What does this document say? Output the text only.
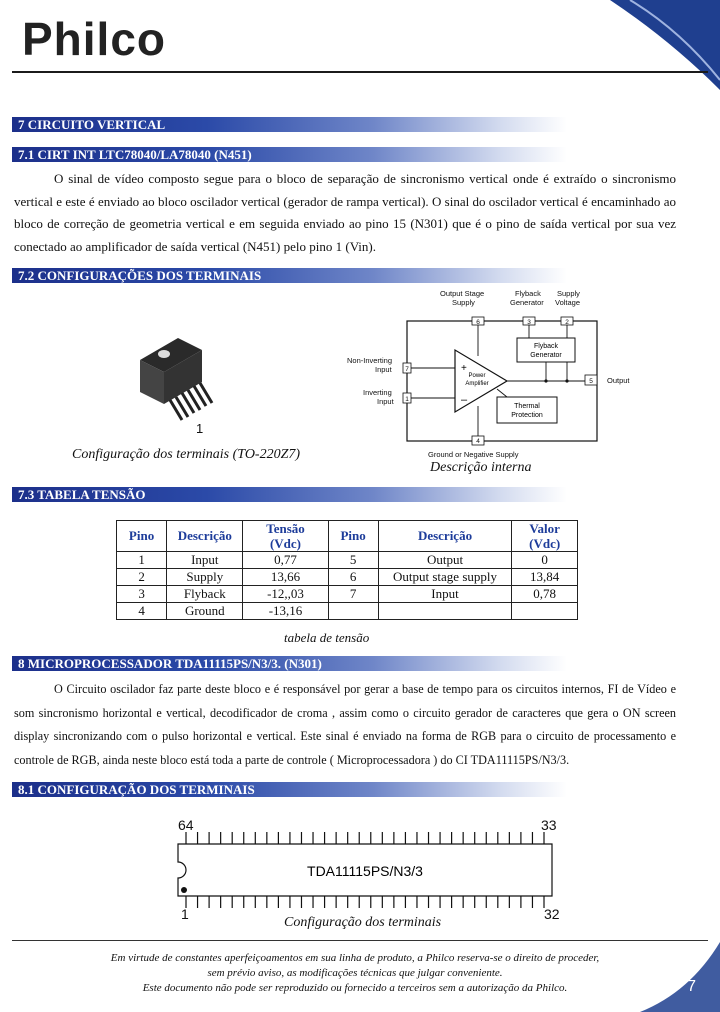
Philco
7 CIRCUITO VERTICAL
7.1 CIRT INT LTC78040/LA78040 (N451)

O sinal de vídeo composto segue para o bloco de separação de sincronismo vertical onde é extraído o sincronismo vertical e este é enviado ao bloco oscilador vertical (gerador de rampa vertical). O sinal do oscilador vertical é encaminhado ao bloco de correção de geometria vertical e em seguida enviado ao pino 15 (N301) que é o pino de saída vertical por sua vez conectado ao amplificador de saída vertical (N451) pelo pino 1 (Vin).

7.2 CONFIGURAÇÕES DOS TERMINAIS
1
Configuração dos terminais (TO-220Z7)
Output Stage
Supply
Flyback
Generator
Supply
Voltage
Non-Inverting
Input
Inverting
Input
Output
Ground or Negative Supply
6	3	2
7
1
5
4
Flyback
Generator
Thermal
Protection
+
–
Power
Amplifier
Descrição interna
7.3 TABELA TENSÃO
Pino	Descrição	Tensão
(Vdc)	Pino	Descrição	Valor
(Vdc)
1	Input	0,77	5	Output	0
2	Supply	13,66	6	Output stage supply	13,84
3	Flyback	-12,,03	7	Input	0,78
4	Ground	-13,16			
tabela de tensão
8 MICROPROCESSADOR TDA11115PS/N3/3. (N301)

O Circuito oscilador faz parte deste bloco e é responsável por gerar a base de tempo para os circuitos internos, FI de Vídeo e som sincronismo horizontal e vertical, decodificador de croma , assim como o circuito gerador de caracteres que gera o ON screen display sincronizando com o pulso horizontal e vertical. Este sinal é enviado na forma de RGB para o circuito de processamento e controle de RGB, ainda neste bloco está toda a parte de controle ( Microprocessadora ) do CI TDA11115PS/N3/3.

8.1 CONFIGURAÇÃO DOS TERMINAIS
64	33
1	32
TDA11115PS/N3/3
Configuração dos terminais
Em virtude de constantes aperfeiçoamentos em sua linha de produto, a Philco reserva-se o direito de proceder,
sem prévio aviso, as modificações técnicas que julgar conveniente.
Este documento não pode ser reproduzido ou fornecido a terceiros sem a autorização da Philco.	7
